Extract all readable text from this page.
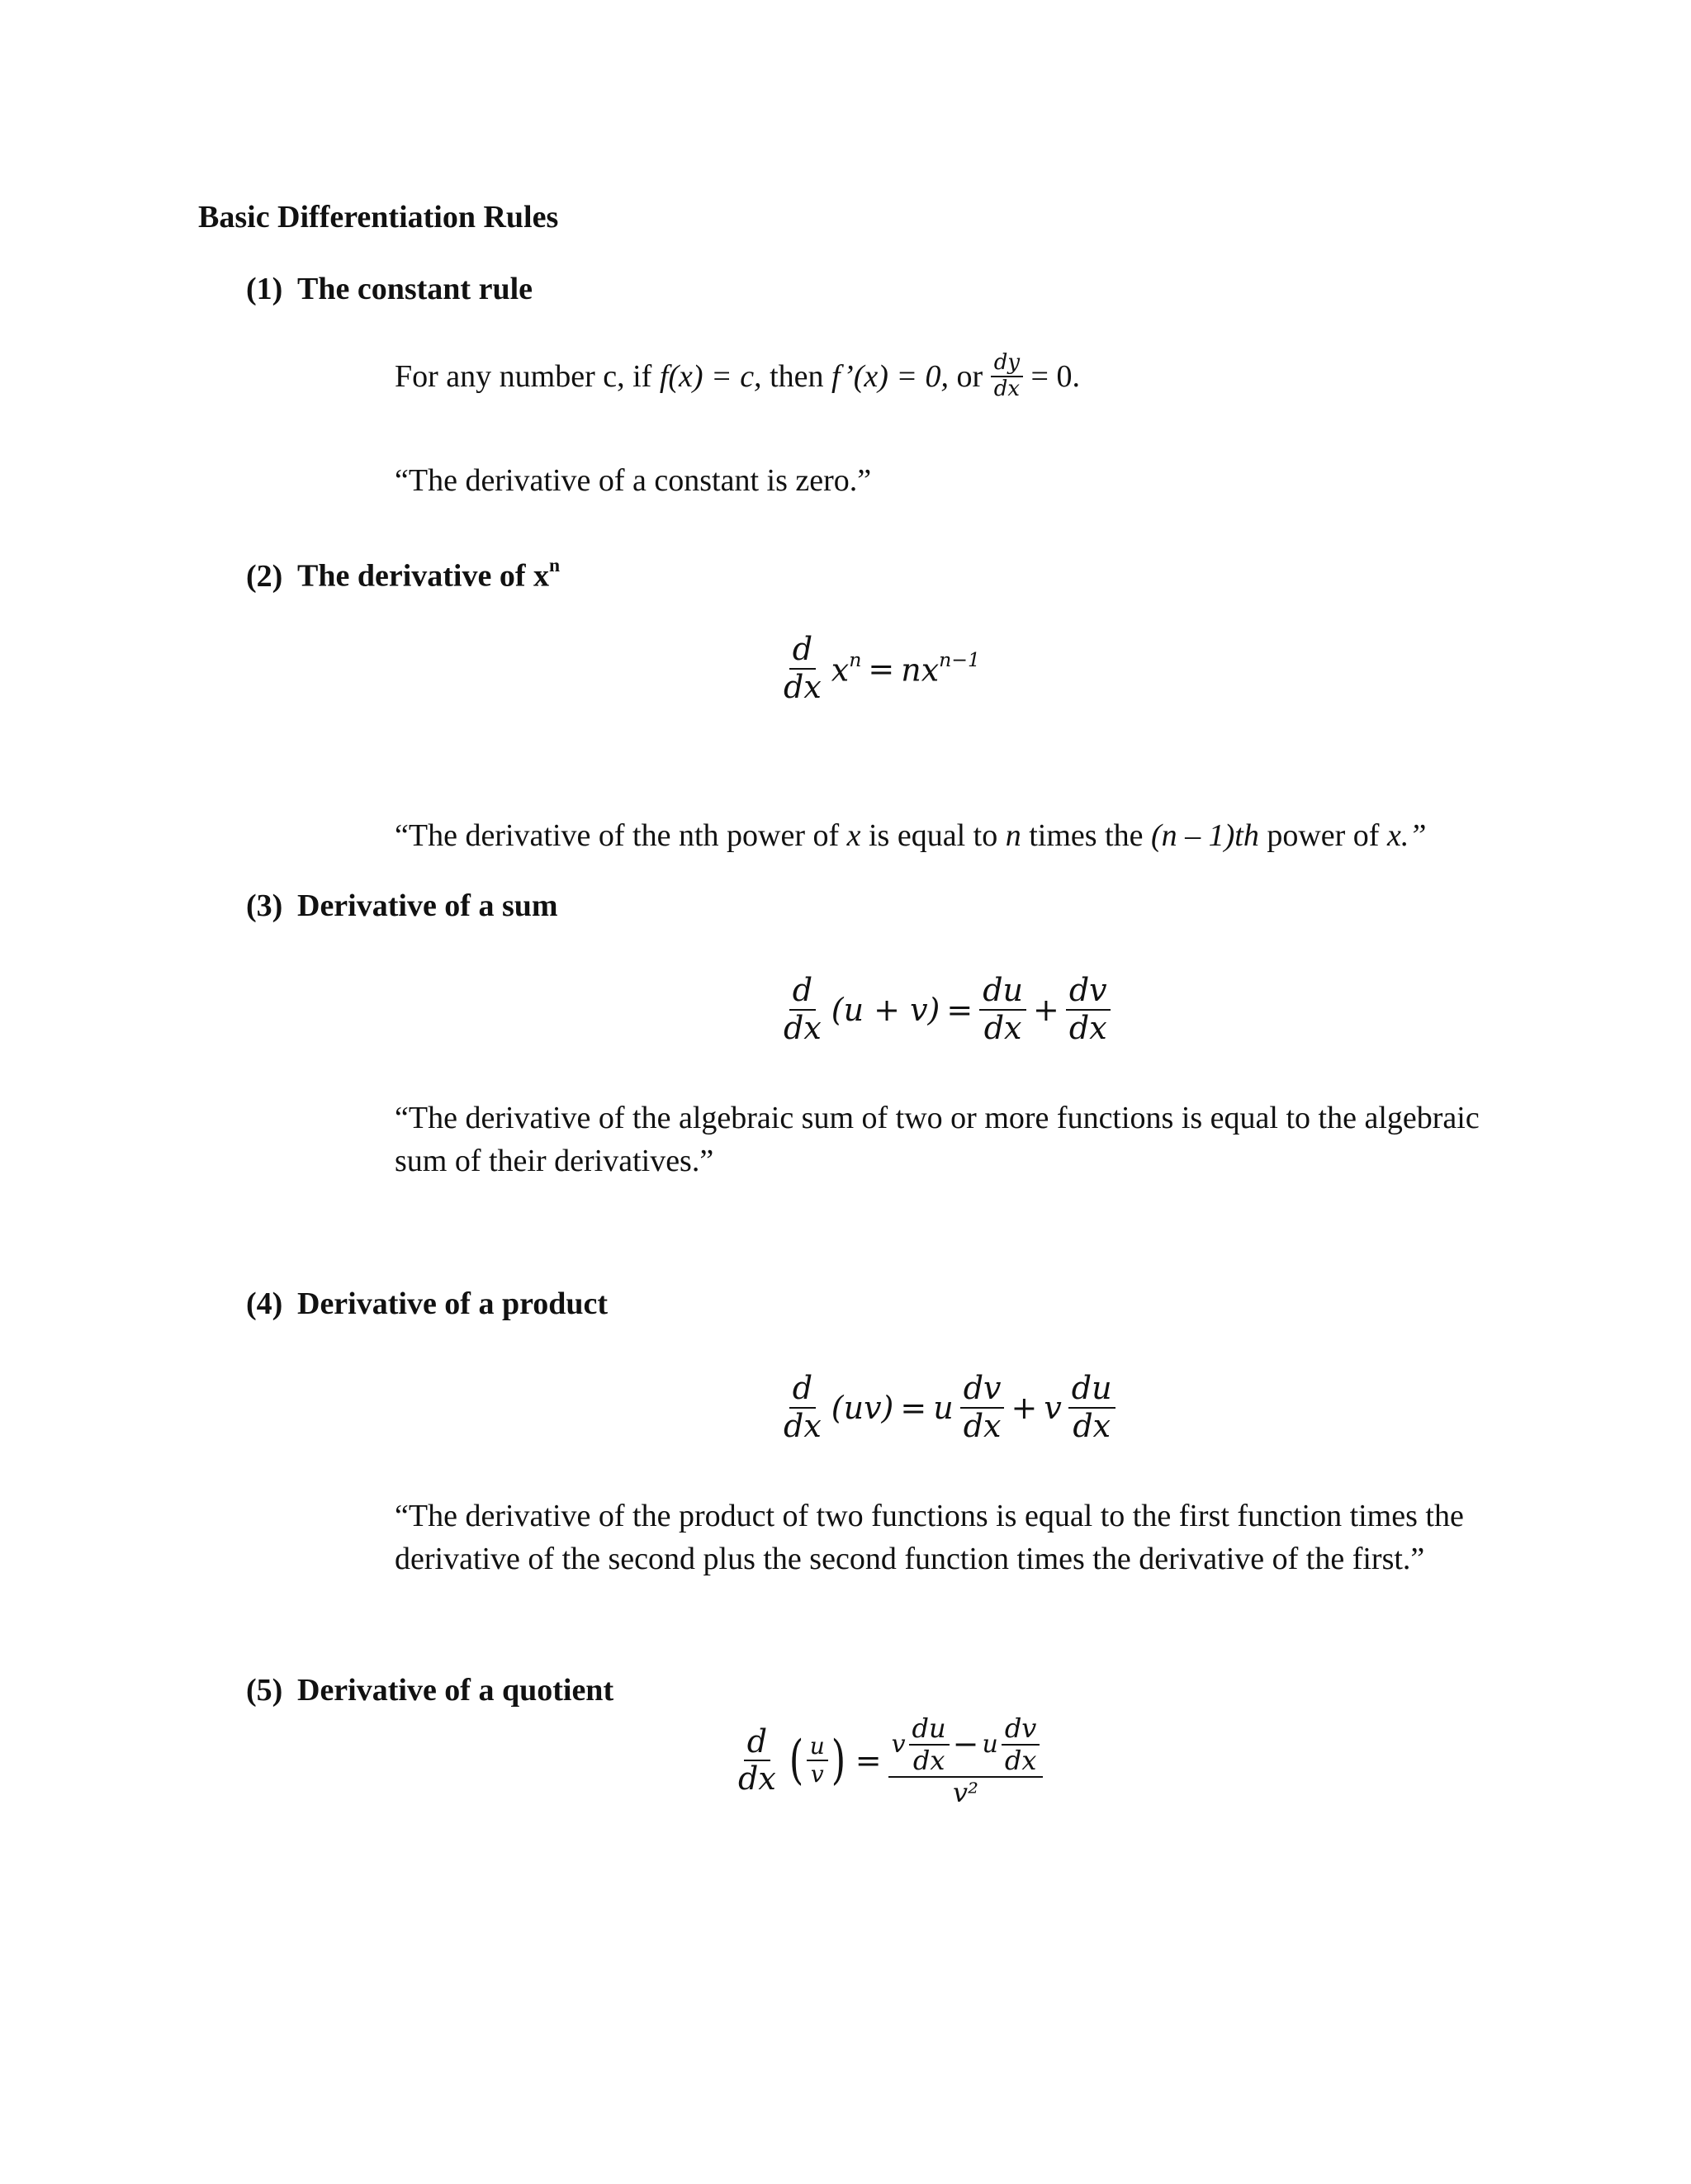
Basic Differentiation Rules
(1) The constant rule
For any number c, if f(x) = c, then f’(x) = 0, or $\frac{dy}{dx} = 0$.
“The derivative of a constant is zero.”
(2) The derivative of $x^n$
$\frac{d}{dx} x^n = nx^{n-1}$
“The derivative of the nth power of x is equal to n times the (n – 1)th power of x.”
(3) Derivative of a sum
$\frac{d}{dx} (u + v) = \frac{du}{dx} + \frac{dv}{dx}$
“The derivative of the algebraic sum of two or more functions is equal to the algebraic sum of their derivatives.”
(4) Derivative of a product
$\frac{d}{dx} (uv) = u \frac{dv}{dx} + v \frac{du}{dx}$
“The derivative of the product of two functions is equal to the first function times the derivative of the second plus the second function times the derivative of the first.”
(5) Derivative of a quotient
$\frac{d}{dx}$ ( $\frac{u}{v}$ ) = v $\frac{du}{dx} - u \frac{dv}{dx}$
v²
